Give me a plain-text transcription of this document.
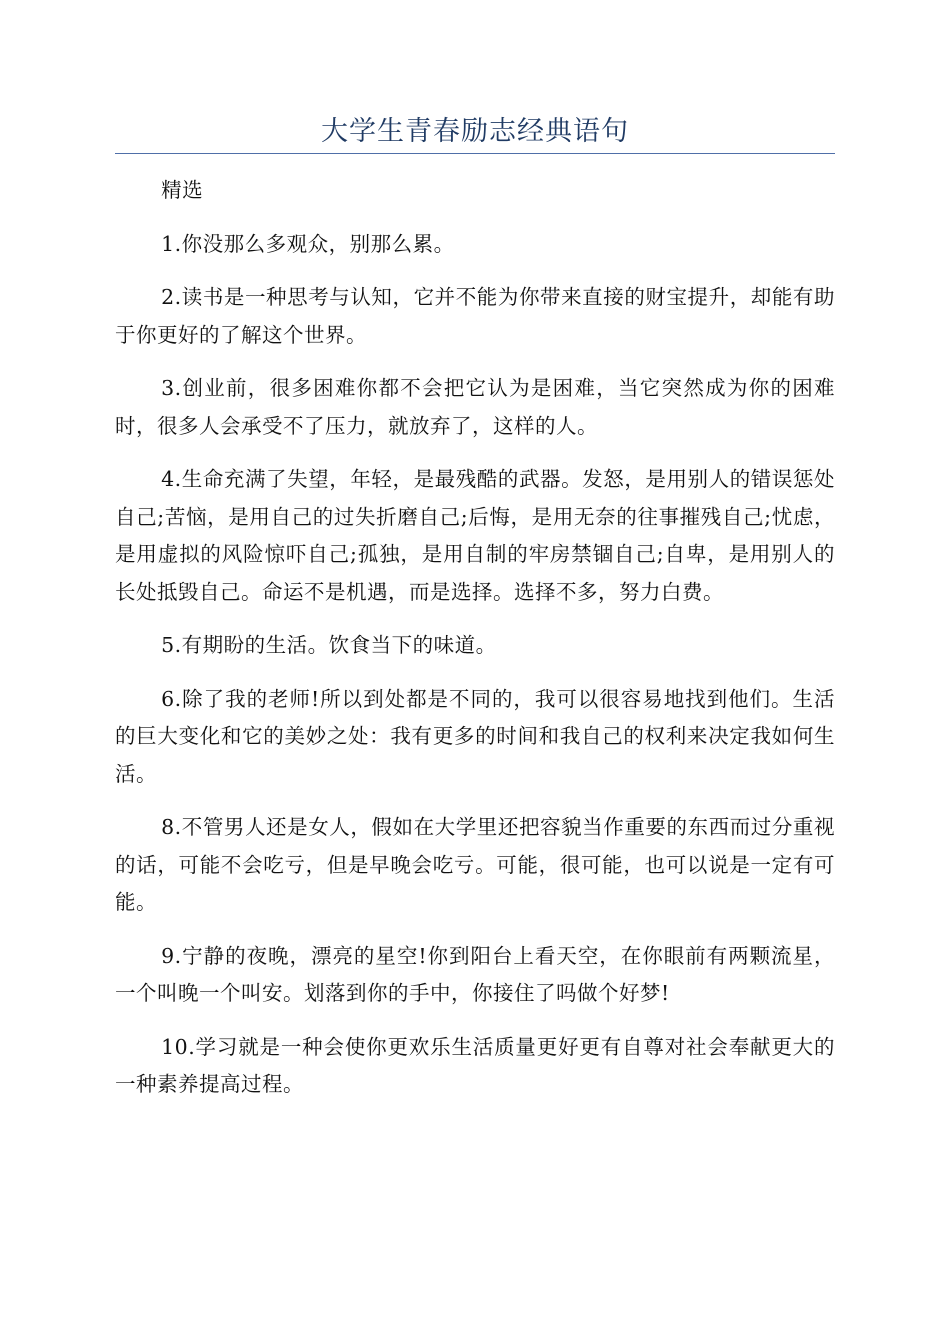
大学生青春励志经典语句

精选

1.你没那么多观众，别那么累。

2.读书是一种思考与认知，它并不能为你带来直接的财宝提升，却能有助于你更好的了解这个世界。

3.创业前，很多困难你都不会把它认为是困难，当它突然成为你的困难时，很多人会承受不了压力，就放弃了，这样的人。

4.生命充满了失望，年轻，是最残酷的武器。发怒，是用别人的错误惩处自己;苦恼，是用自己的过失折磨自己;后悔，是用无奈的往事摧残自己;忧虑，是用虚拟的风险惊吓自己;孤独，是用自制的牢房禁锢自己;自卑，是用别人的长处抵毁自己。命运不是机遇，而是选择。选择不多，努力白费。

5.有期盼的生活。饮食当下的味道。

6.除了我的老师!所以到处都是不同的，我可以很容易地找到他们。生活的巨大变化和它的美妙之处：我有更多的时间和我自己的权利来决定我如何生活。

8.不管男人还是女人，假如在大学里还把容貌当作重要的东西而过分重视的话，可能不会吃亏，但是早晚会吃亏。可能，很可能，也可以说是一定有可能。

9.宁静的夜晚，漂亮的星空!你到阳台上看天空，在你眼前有两颗流星，一个叫晚一个叫安。划落到你的手中，你接住了吗做个好梦!

10.学习就是一种会使你更欢乐生活质量更好更有自尊对社会奉献更大的一种素养提高过程。
